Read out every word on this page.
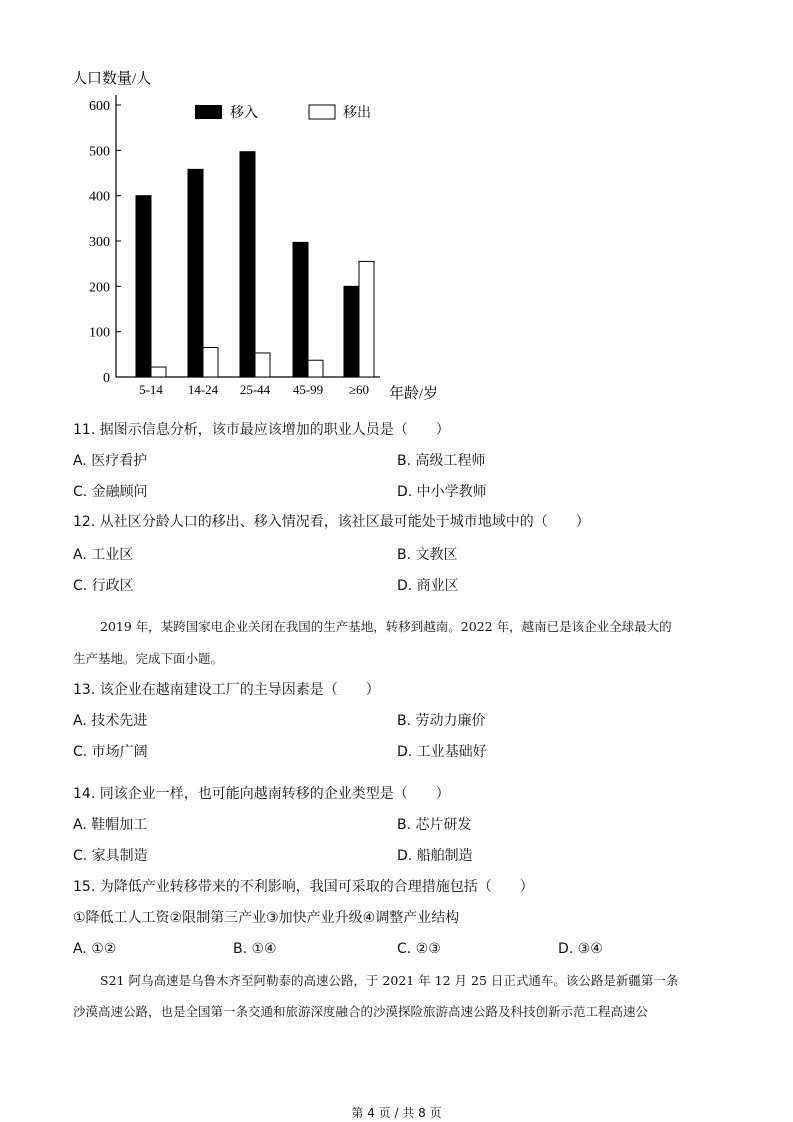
人口数量/人
年龄/岁
0
100
200
300
400
500
600
5-14 14-24 25-44 45-99 ≥60
移入	移出
11. 据图示信息分析，该市最应该增加的职业人员是（　　）
A. 医疗看护	B. 高级工程师
C. 金融顾问	D. 中小学教师
12. 从社区分龄人口的移出、移入情况看，该社区最可能处于城市地域中的（　　）
A. 工业区	B. 文教区
C. 行政区	D. 商业区
2019 年，某跨国家电企业关闭在我国的生产基地，转移到越南。2022 年，越南已是该企业全球最大的
生产基地。完成下面小题。
13. 该企业在越南建设工厂的主导因素是（　　）
A. 技术先进	B. 劳动力廉价
C. 市场广阔	D. 工业基础好
14. 同该企业一样，也可能向越南转移的企业类型是（　　）
A. 鞋帽加工	B. 芯片研发
C. 家具制造	D. 船舶制造
15. 为降低产业转移带来的不利影响，我国可采取的合理措施包括（　　）
①降低工人工资②限制第三产业③加快产业升级④调整产业结构
A. ①②	B. ①④	C. ②③	D. ③④
S21 阿乌高速是乌鲁木齐至阿勒泰的高速公路，于 2021 年 12 月 25 日正式通车。该公路是新疆第一条
沙漠高速公路，也是全国第一条交通和旅游深度融合的沙漠探险旅游高速公路及科技创新示范工程高速公
第 4 页 / 共 8 页
